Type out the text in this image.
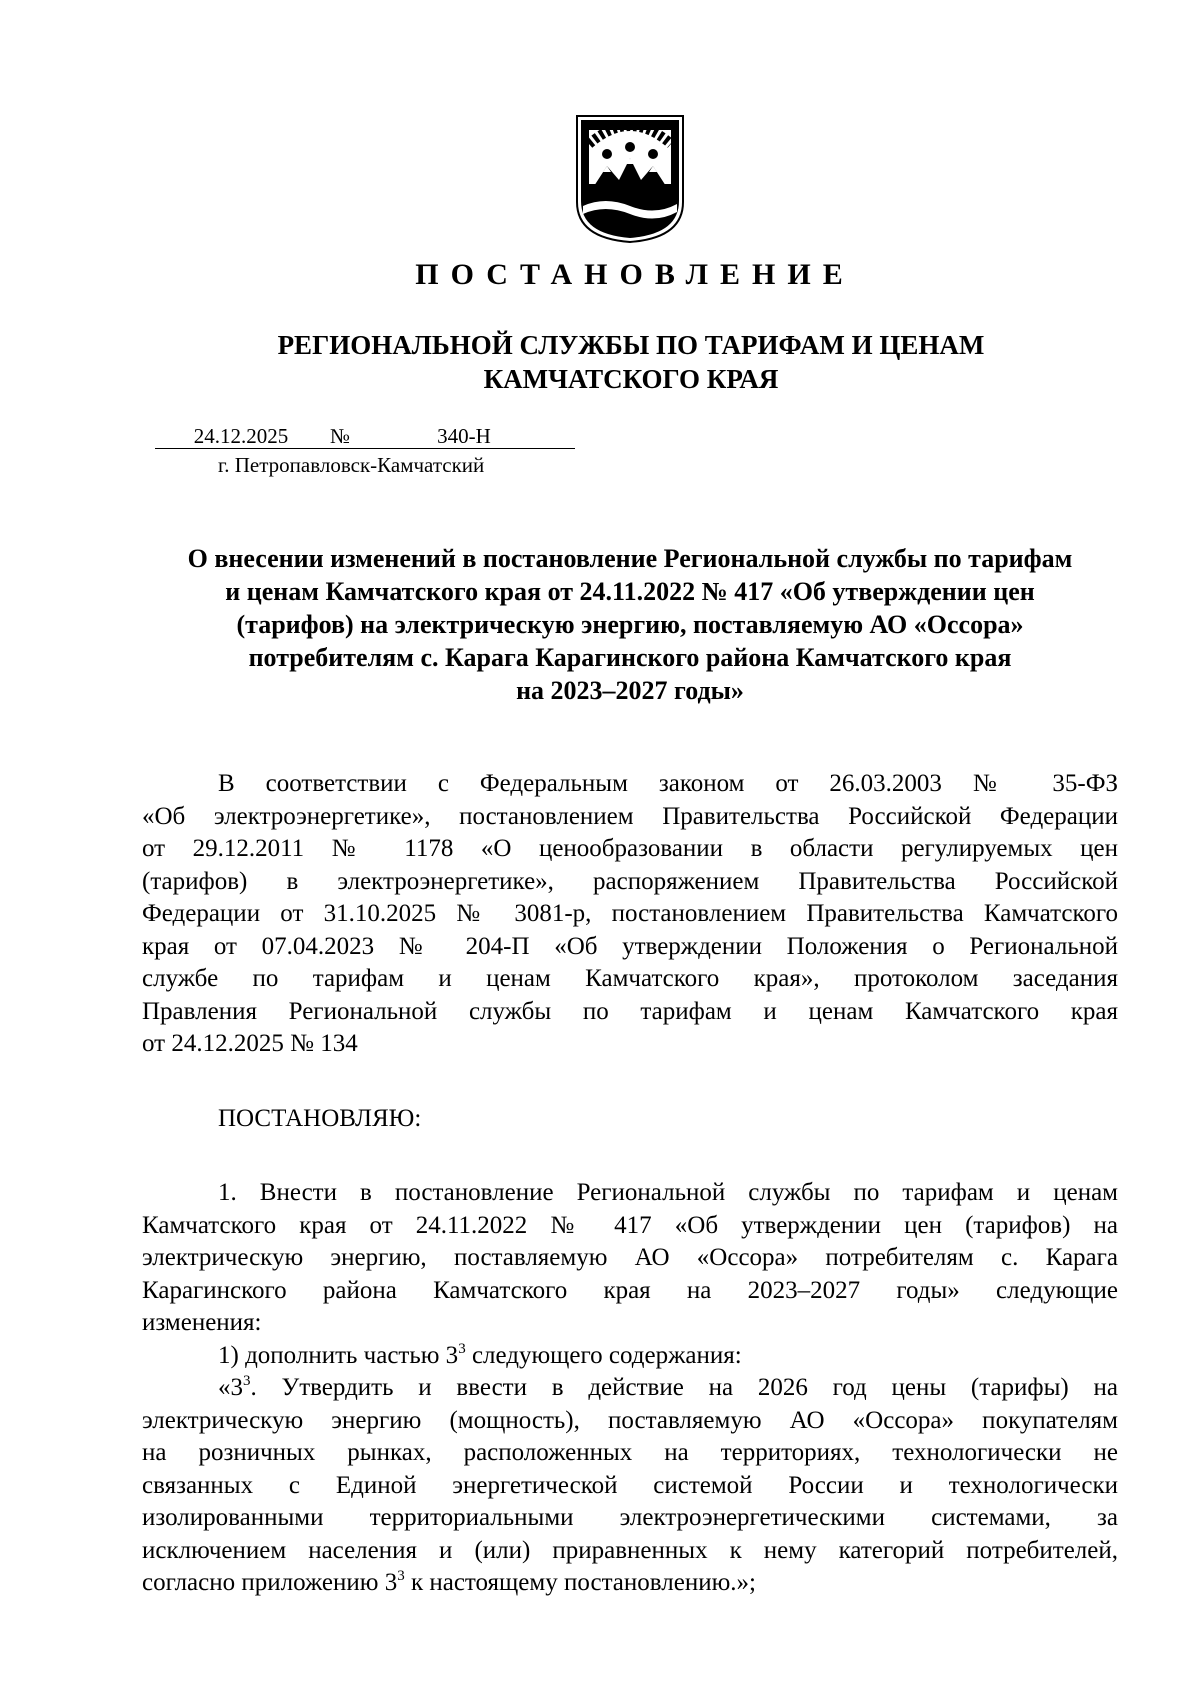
ПОСТАНОВЛЕНИЕ
РЕГИОНАЛЬНОЙ СЛУЖБЫ ПО ТАРИФАМ И ЦЕНАМ
КАМЧАТСКОГО КРАЯ
24.12.2025 №	340-Н
г. Петропавловск-Камчатский
О внесении изменений в постановление Региональной службы по тарифам
и ценам Камчатского края от 24.11.2022 № 417 «Об утверждении цен
(тарифов) на электрическую энергию, поставляемую АО «Оссора»
потребителям с. Карага Карагинского района Камчатского края
на 2023–2027 годы»
В соответствии с Федеральным законом от 26.03.2003 № 35-ФЗ
«Об электроэнергетике», постановлением Правительства Российской Федерации
от 29.12.2011 № 1178 «О ценообразовании в области регулируемых цен
(тарифов) в электроэнергетике», распоряжением Правительства Российской
Федерации от 31.10.2025 № 3081-р, постановлением Правительства Камчатского
края от 07.04.2023 № 204-П «Об утверждении Положения о Региональной
службе по тарифам и ценам Камчатского края», протоколом заседания
Правления Региональной службы по тарифам и ценам Камчатского края
от 24.12.2025 № 134
ПОСТАНОВЛЯЮ:
1. Внести в постановление Региональной службы по тарифам и ценам
Камчатского края от 24.11.2022 № 417 «Об утверждении цен (тарифов) на
электрическую энергию, поставляемую АО «Оссора» потребителям с. Карага
Карагинского района Камчатского края на 2023–2027 годы» следующие
изменения:
1) дополнить частью $3^3$ следующего содержания:
«$3^3$. Утвердить и ввести в действие на 2026 год цены (тарифы) на
электрическую энергию (мощность), поставляемую АО «Оссора» покупателям
на розничных рынках, расположенных на территориях, технологически не
связанных с Единой энергетической системой России и технологически
изолированными территориальными электроэнергетическими системами, за
исключением населения и (или) приравненных к нему категорий потребителей,
согласно приложению $3^3$ к настоящему постановлению.»;
